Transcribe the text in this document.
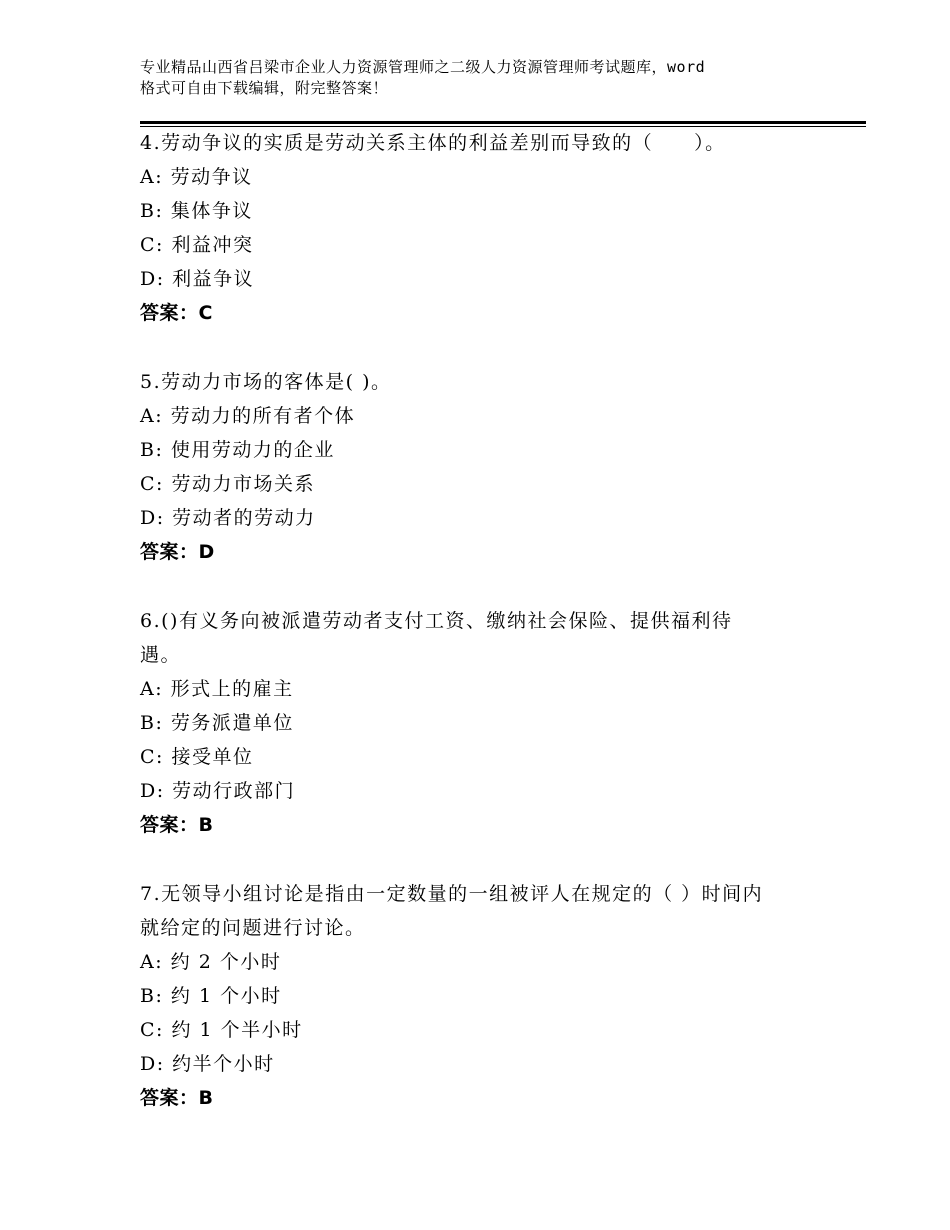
专业精品山西省吕梁市企业人力资源管理师之二级人力资源管理师考试题库，word
格式可自由下载编辑，附完整答案！

4.劳动争议的实质是劳动关系主体的利益差别而导致的（　　）。

A: 劳动争议

B: 集体争议

C: 利益冲突

D: 利益争议

答案：C

5.劳动力市场的客体是( )。

A: 劳动力的所有者个体

B: 使用劳动力的企业

C: 劳动力市场关系

D: 劳动者的劳动力

答案：D

6.()有义务向被派遣劳动者支付工资、缴纳社会保险、提供福利待

遇。

A: 形式上的雇主

B: 劳务派遣单位

C: 接受单位

D: 劳动行政部门

答案：B

7.无领导小组讨论是指由一定数量的一组被评人在规定的（ ）时间内

就给定的问题进行讨论。

A: 约 2 个小时

B: 约 1 个小时

C: 约 1 个半小时

D: 约半个小时

答案：B
